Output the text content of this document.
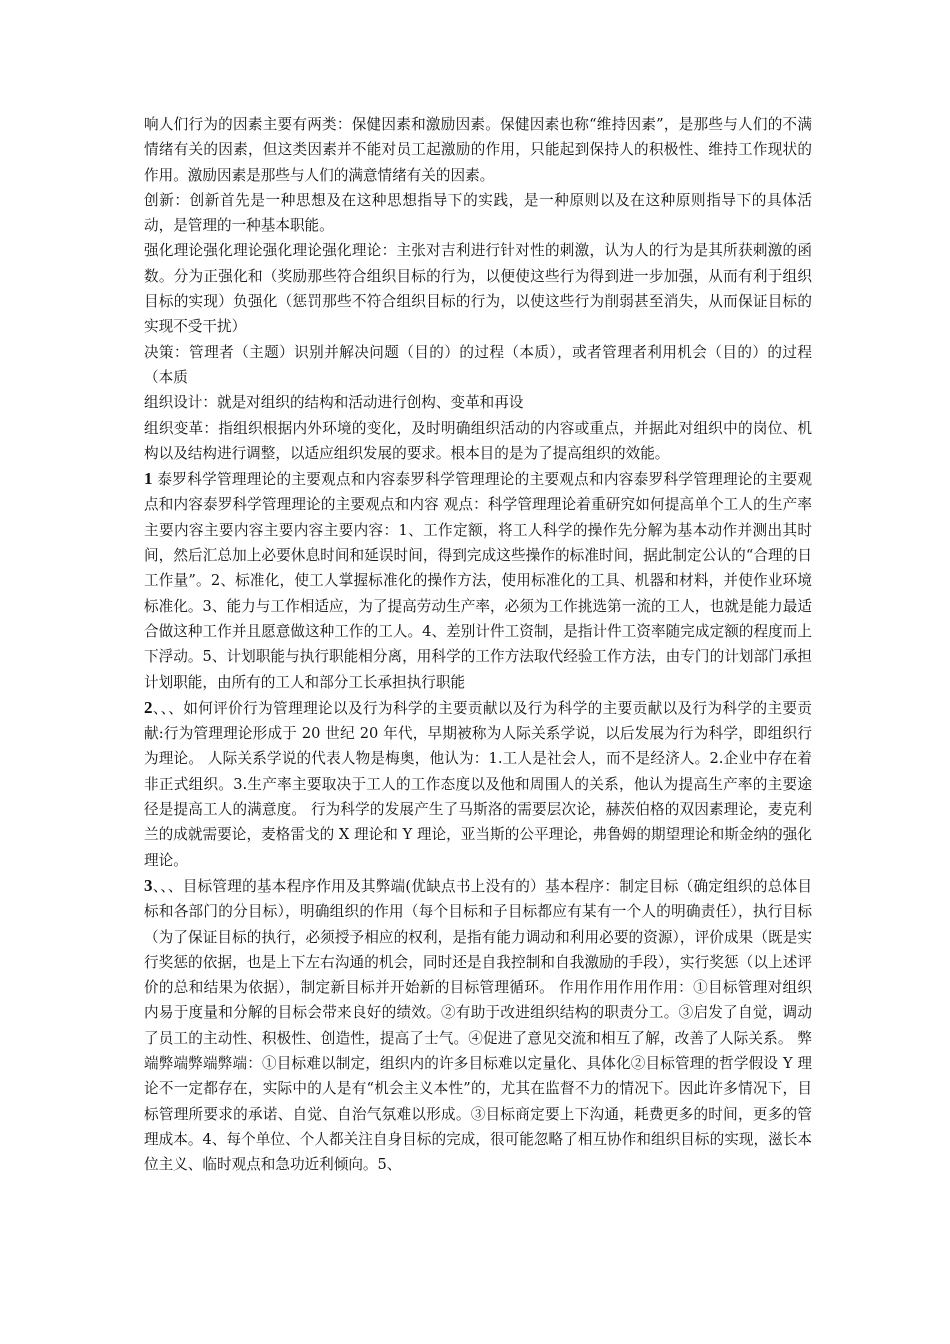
响人们行为的因素主要有两类：保健因素和激励因素。保健因素也称“维持因素”，是那些与人们的不满情绪有关的因素，但这类因素并不能对员工起激励的作用，只能起到保持人的积极性、维持工作现状的作用。激励因素是那些与人们的满意情绪有关的因素。

创新：创新首先是一种思想及在这种思想指导下的实践，是一种原则以及在这种原则指导下的具体活动，是管理的一种基本职能。

强化理论强化理论强化理论强化理论：主张对吉利进行针对性的刺激，认为人的行为是其所获刺激的函数。分为正强化和（奖励那些符合组织目标的行为，以便使这些行为得到进一步加强，从而有利于组织目标的实现）负强化（惩罚那些不符合组织目标的行为，以使这些行为削弱甚至消失，从而保证目标的实现不受干扰）

决策：管理者（主题）识别并解决问题（目的）的过程（本质），或者管理者利用机会（目的）的过程（本质

组织设计：就是对组织的结构和活动进行创构、变革和再设

组织变革：指组织根据内外环境的变化，及时明确组织活动的内容或重点，并据此对组织中的岗位、机构以及结构进行调整，以适应组织发展的要求。根本目的是为了提高组织的效能。

1 泰罗科学管理理论的主要观点和内容泰罗科学管理理论的主要观点和内容泰罗科学管理理论的主要观点和内容泰罗科学管理理论的主要观点和内容 观点：科学管理理论着重研究如何提高单个工人的生产率 主要内容主要内容主要内容主要内容：1、工作定额，将工人科学的操作先分解为基本动作并测出其时间，然后汇总加上必要休息时间和延误时间，得到完成这些操作的标准时间，据此制定公认的“合理的日工作量”。2、标准化，使工人掌握标准化的操作方法，使用标准化的工具、机器和材料，并使作业环境标准化。3、能力与工作相适应，为了提高劳动生产率，必须为工作挑选第一流的工人，也就是能力最适合做这种工作并且愿意做这种工作的工人。4、差别计件工资制，是指计件工资率随完成定额的程度而上下浮动。5、计划职能与执行职能相分离，用科学的工作方法取代经验工作方法，由专门的计划部门承担计划职能，由所有的工人和部分工长承担执行职能

2、、、如何评价行为管理理论以及行为科学的主要贡献以及行为科学的主要贡献以及行为科学的主要贡献:行为管理理论形成于 20 世纪 20 年代，早期被称为人际关系学说，以后发展为行为科学，即组织行为理论。 人际关系学说的代表人物是梅奥，他认为：1.工人是社会人，而不是经济人。2.企业中存在着非正式组织。3.生产率主要取决于工人的工作态度以及他和周围人的关系，他认为提高生产率的主要途径是提高工人的满意度。 行为科学的发展产生了马斯洛的需要层次论，赫茨伯格的双因素理论，麦克利兰的成就需要论，麦格雷戈的 X 理论和 Y 理论，亚当斯的公平理论，弗鲁姆的期望理论和斯金纳的强化理论。

3、、、目标管理的基本程序作用及其弊端(优缺点书上没有的）基本程序：制定目标（确定组织的总体目标和各部门的分目标），明确组织的作用（每个目标和子目标都应有某有一个人的明确责任），执行目标（为了保证目标的执行，必须授予相应的权利，是指有能力调动和利用必要的资源），评价成果（既是实行奖惩的依据，也是上下左右沟通的机会，同时还是自我控制和自我激励的手段），实行奖惩（以上述评价的总和结果为依据），制定新目标并开始新的目标管理循环。 作用作用作用作用：①目标管理对组织内易于度量和分解的目标会带来良好的绩效。②有助于改进组织结构的职责分工。③启发了自觉，调动了员工的主动性、积极性、创造性，提高了士气。④促进了意见交流和相互了解，改善了人际关系。 弊端弊端弊端弊端：①目标难以制定，组织内的许多目标难以定量化、具体化②目标管理的哲学假设 Y 理论不一定都存在，实际中的人是有“机会主义本性”的，尤其在监督不力的情况下。因此许多情况下，目标管理所要求的承诺、自觉、自治气氛难以形成。③目标商定要上下沟通，耗费更多的时间，更多的管理成本。4、每个单位、个人都关注自身目标的完成，很可能忽略了相互协作和组织目标的实现，滋长本位主义、临时观点和急功近利倾向。5、
